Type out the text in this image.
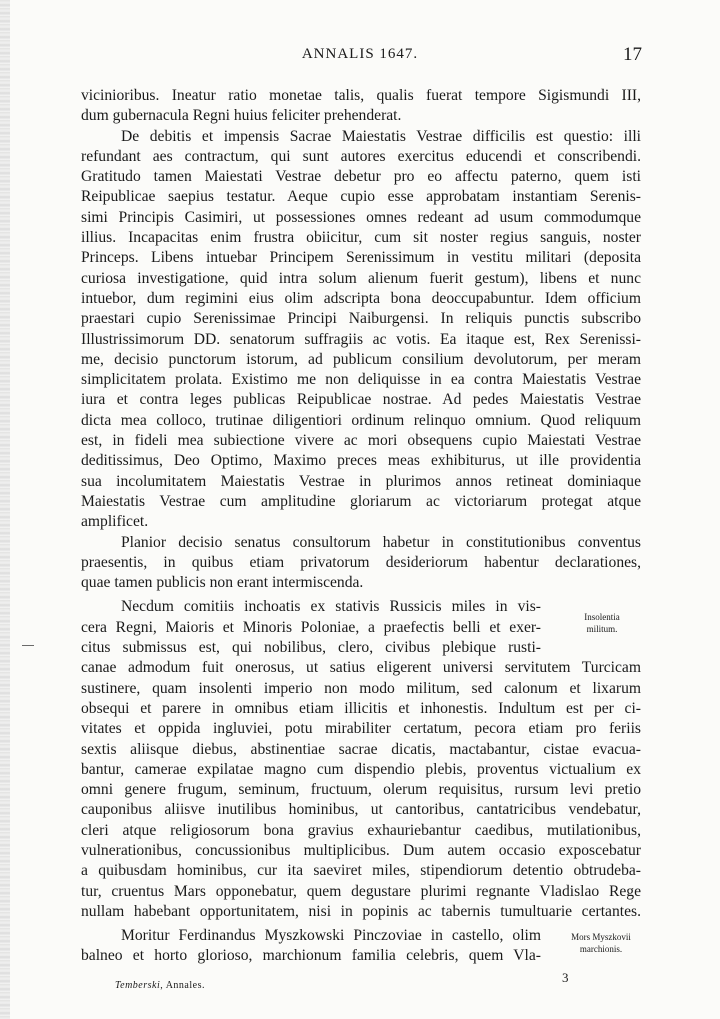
ANNALIS 1647.	17
vicinioribus. Ineatur ratio monetae talis, qualis fuerat tempore Sigismundi III,
dum gubernacula Regni huius feliciter prehenderat.
De debitis et impensis Sacrae Maiestatis Vestrae difficilis est questio: illi
refundant aes contractum, qui sunt autores exercitus educendi et conscribendi.
Gratitudo tamen Maiestati Vestrae debetur pro eo affectu paterno, quem isti
Reipublicae saepius testatur. Aeque cupio esse approbatam instantiam Serenis-
simi Principis Casimiri, ut possessiones omnes redeant ad usum commodumque
illius. Incapacitas enim frustra obiicitur, cum sit noster regius sanguis, noster
Princeps. Libens intuebar Principem Serenissimum in vestitu militari (deposita
curiosa investigatione, quid intra solum alienum fuerit gestum), libens et nunc
intuebor, dum regimini eius olim adscripta bona deoccupabuntur. Idem officium
praestari cupio Serenissimae Principi Naiburgensi. In reliquis punctis subscribo
Illustrissimorum DD. senatorum suffragiis ac votis. Ea itaque est, Rex Serenissi-
me, decisio punctorum istorum, ad publicum consilium devolutorum, per meram
simplicitatem prolata. Existimo me non deliquisse in ea contra Maiestatis Vestrae
iura et contra leges publicas Reipublicae nostrae. Ad pedes Maiestatis Vestrae
dicta mea colloco, trutinae diligentiori ordinum relinquo omnium. Quod reliquum
est, in fideli mea subiectione vivere ac mori obsequens cupio Maiestati Vestrae
deditissimus, Deo Optimo, Maximo preces meas exhibiturus, ut ille providentia
sua incolumitatem Maiestatis Vestrae in plurimos annos retineat dominiaque
Maiestatis Vestrae cum amplitudine gloriarum ac victoriarum protegat atque
amplificet.
Planior decisio senatus consultorum habetur in constitutionibus conventus
praesentis, in quibus etiam privatorum desideriorum habentur declarationes,
quae tamen publicis non erant intermiscenda.
Necdum comitiis inchoatis ex stativis Russicis miles in vis-
cera Regni, Maioris et Minoris Poloniae, a praefectis belli et exer-
citus submissus est, qui nobilibus, clero, civibus plebique rusti-
canae admodum fuit onerosus, ut satius eligerent universi servitutem Turcicam
sustinere, quam insolenti imperio non modo militum, sed calonum et lixarum
obsequi et parere in omnibus etiam illicitis et inhonestis. Indultum est per ci-
vitates et oppida ingluviei, potu mirabiliter certatum, pecora etiam pro feriis
sextis aliisque diebus, abstinentiae sacrae dicatis, mactabantur, cistae evacua-
bantur, camerae expilatae magno cum dispendio plebis, proventus victualium ex
omni genere frugum, seminum, fructuum, olerum requisitus, rursum levi pretio
cauponibus aliisve inutilibus hominibus, ut cantoribus, cantatricibus vendebatur,
cleri atque religiosorum bona gravius exhauriebantur caedibus, mutilationibus,
vulnerationibus, concussionibus multiplicibus. Dum autem occasio exposcebatur
a quibusdam hominibus, cur ita saeviret miles, stipendiorum detentio obtrudeba-
tur, cruentus Mars opponebatur, quem degustare plurimi regnante Vladislao Rege
nullam habebant opportunitatem, nisi in popinis ac tabernis tumultuarie certantes.
Moritur Ferdinandus Myszkowski Pinczoviae in castello, olim
balneo et horto glorioso, marchionum familia celebris, quem Vla-
Insolentia
militum.
Mors Myszkovii
marchionis.
Temberski, Annales.
3
